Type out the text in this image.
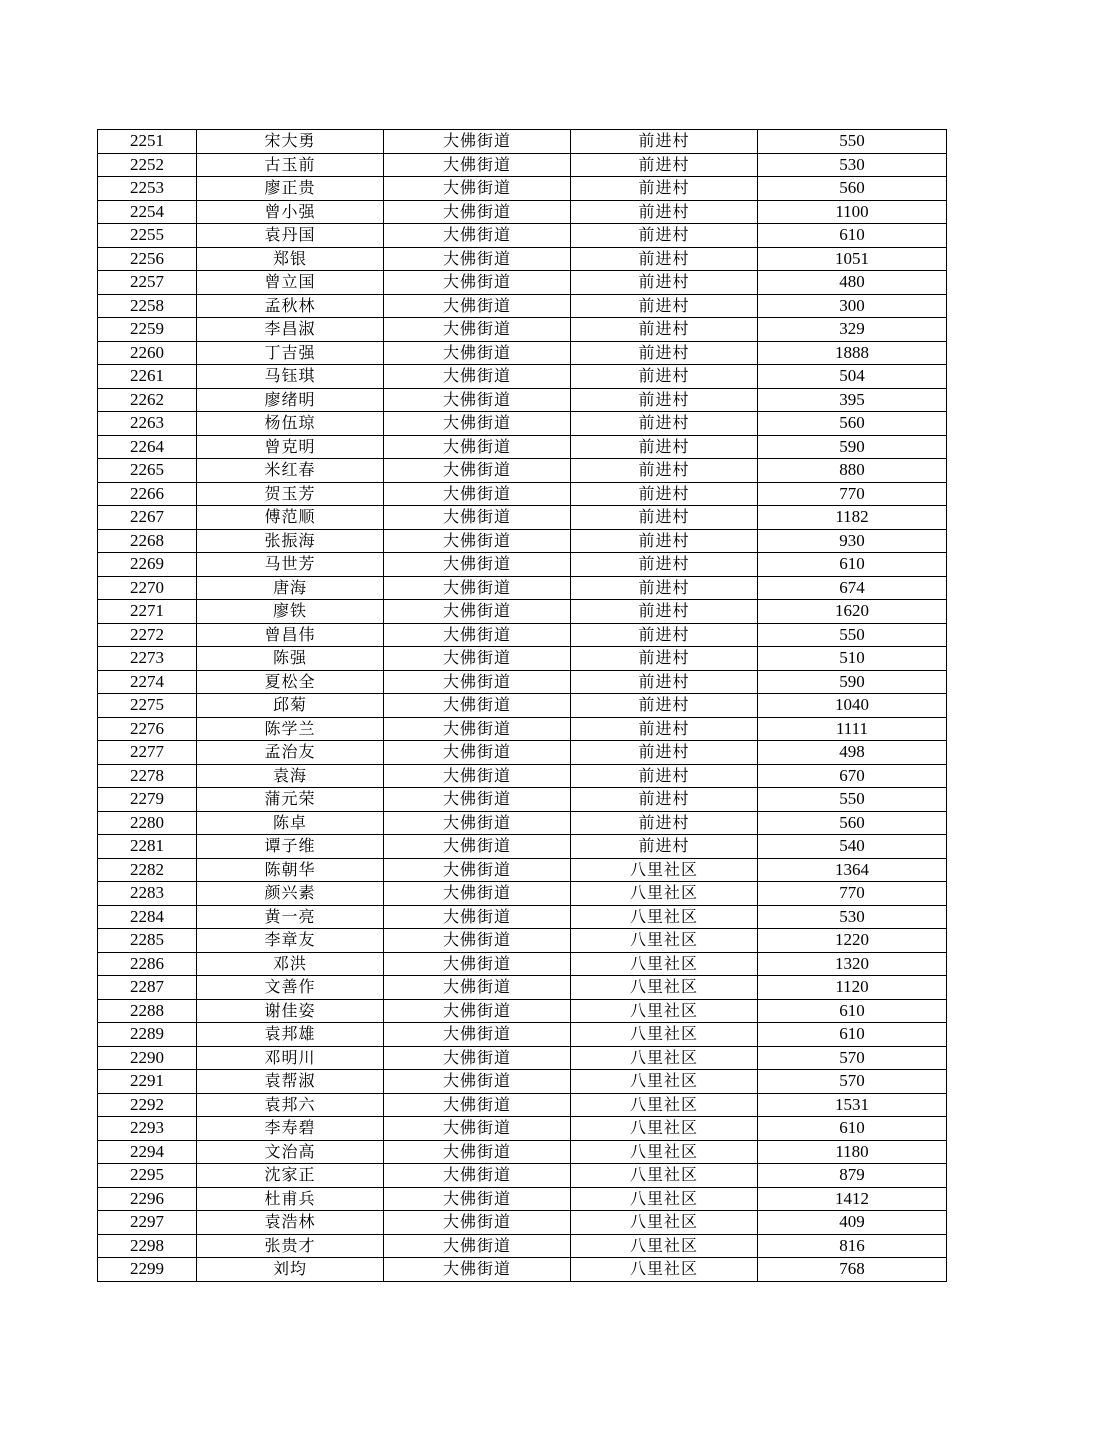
2251	宋大勇	大佛街道	前进村	550
2252	古玉前	大佛街道	前进村	530
2253	廖正贵	大佛街道	前进村	560
2254	曾小强	大佛街道	前进村	1100
2255	袁丹国	大佛街道	前进村	610
2256	郑银	大佛街道	前进村	1051
2257	曾立国	大佛街道	前进村	480
2258	孟秋林	大佛街道	前进村	300
2259	李昌淑	大佛街道	前进村	329
2260	丁吉强	大佛街道	前进村	1888
2261	马钰琪	大佛街道	前进村	504
2262	廖绪明	大佛街道	前进村	395
2263	杨伍琼	大佛街道	前进村	560
2264	曾克明	大佛街道	前进村	590
2265	米红春	大佛街道	前进村	880
2266	贺玉芳	大佛街道	前进村	770
2267	傅范顺	大佛街道	前进村	1182
2268	张振海	大佛街道	前进村	930
2269	马世芳	大佛街道	前进村	610
2270	唐海	大佛街道	前进村	674
2271	廖铁	大佛街道	前进村	1620
2272	曾昌伟	大佛街道	前进村	550
2273	陈强	大佛街道	前进村	510
2274	夏松全	大佛街道	前进村	590
2275	邱菊	大佛街道	前进村	1040
2276	陈学兰	大佛街道	前进村	1111
2277	孟治友	大佛街道	前进村	498
2278	袁海	大佛街道	前进村	670
2279	蒲元荣	大佛街道	前进村	550
2280	陈卓	大佛街道	前进村	560
2281	谭子维	大佛街道	前进村	540
2282	陈朝华	大佛街道	八里社区	1364
2283	颜兴素	大佛街道	八里社区	770
2284	黄一亮	大佛街道	八里社区	530
2285	李章友	大佛街道	八里社区	1220
2286	邓洪	大佛街道	八里社区	1320
2287	文善作	大佛街道	八里社区	1120
2288	谢佳姿	大佛街道	八里社区	610
2289	袁邦雄	大佛街道	八里社区	610
2290	邓明川	大佛街道	八里社区	570
2291	袁帮淑	大佛街道	八里社区	570
2292	袁邦六	大佛街道	八里社区	1531
2293	李寿碧	大佛街道	八里社区	610
2294	文治高	大佛街道	八里社区	1180
2295	沈家正	大佛街道	八里社区	879
2296	杜甫兵	大佛街道	八里社区	1412
2297	袁浩林	大佛街道	八里社区	409
2298	张贵才	大佛街道	八里社区	816
2299	刘均	大佛街道	八里社区	768
